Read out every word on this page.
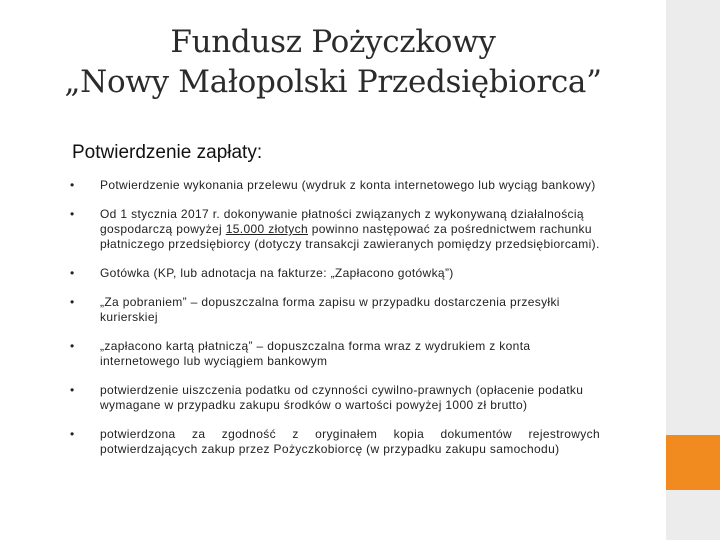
Fundusz Pożyczkowy
„Nowy Małopolski Przedsiębiorca”
Potwierdzenie zapłaty:
•	Potwierdzenie wykonania przelewu (wydruk z konta internetowego lub wyciąg bankowy)
•	Od 1 stycznia 2017 r. dokonywanie płatności związanych z wykonywaną działalnością gospodarczą powyżej 15.000 złotych powinno następować za pośrednictwem rachunku płatniczego przedsiębiorcy (dotyczy transakcji zawieranych pomiędzy przedsiębiorcami).
•	Gotówka (KP, lub adnotacja na fakturze: „Zapłacono gotówką”)
•	„Za pobraniem” – dopuszczalna forma zapisu w przypadku dostarczenia przesyłki kurierskiej
•	„zapłacono kartą płatniczą” – dopuszczalna forma wraz z wydrukiem z konta internetowego lub wyciągiem bankowym
•	potwierdzenie uiszczenia podatku od czynności cywilno-prawnych (opłacenie podatku wymagane w przypadku zakupu środków o wartości powyżej 1000 zł brutto)
•	potwierdzona za zgodność z oryginałem kopia dokumentów rejestrowych potwierdzających zakup przez Pożyczkobiorcę (w przypadku zakupu samochodu)
